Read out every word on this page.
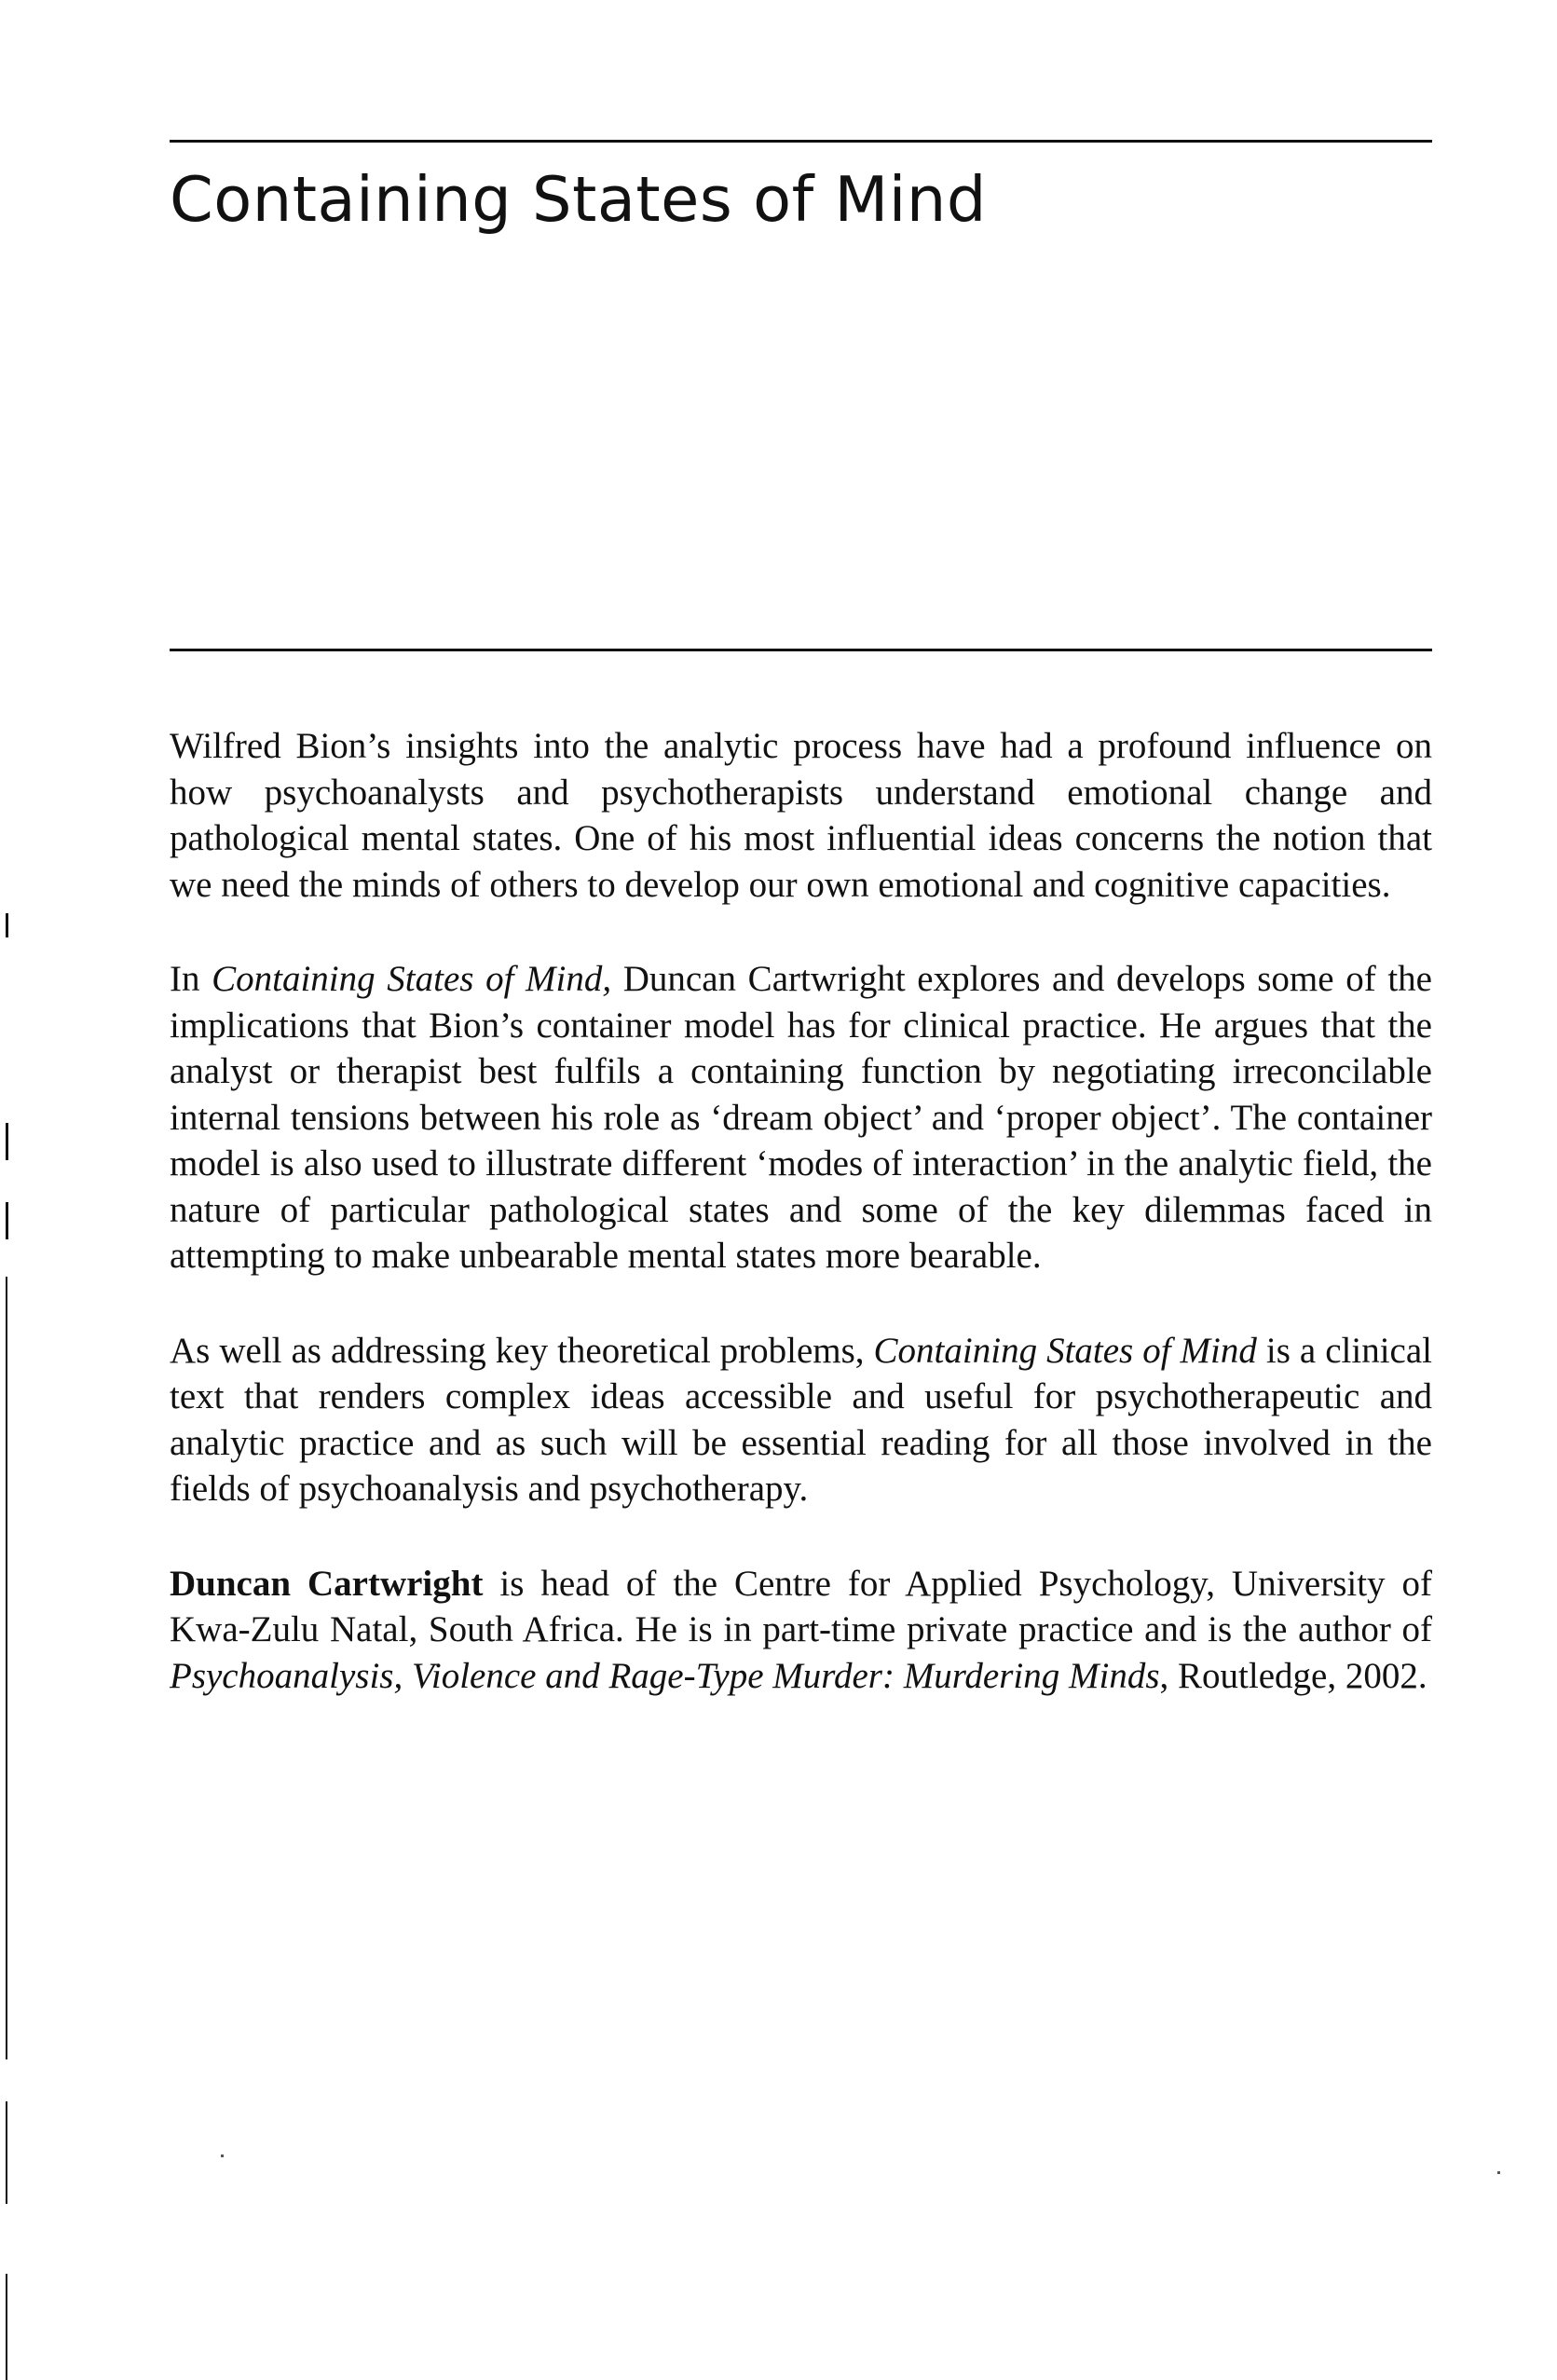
Containing States of Mind

Wilfred Bion’s insights into the analytic process have had a profound influence on how psychoanalysts and psychotherapists understand emotional change and pathological mental states. One of his most influential ideas concerns the notion that we need the minds of others to develop our own emotional and cognitive capacities.

In Containing States of Mind, Duncan Cartwright explores and develops some of the implications that Bion’s container model has for clinical practice. He argues that the analyst or therapist best fulfils a containing function by negotiating irreconcilable internal tensions between his role as ‘dream object’ and ‘proper object’. The container model is also used to illustrate different ‘modes of interaction’ in the analytic field, the nature of particular pathological states and some of the key dilemmas faced in attempting to make unbearable mental states more bearable.

As well as addressing key theoretical problems, Containing States of Mind is a clinical text that renders complex ideas accessible and useful for psychotherapeutic and analytic practice and as such will be essential reading for all those involved in the fields of psychoanalysis and psychotherapy.

Duncan Cartwright is head of the Centre for Applied Psychology, University of Kwa-Zulu Natal, South Africa. He is in part-time private practice and is the author of Psychoanalysis, Violence and Rage-Type Murder: Murdering Minds, Routledge, 2002.
